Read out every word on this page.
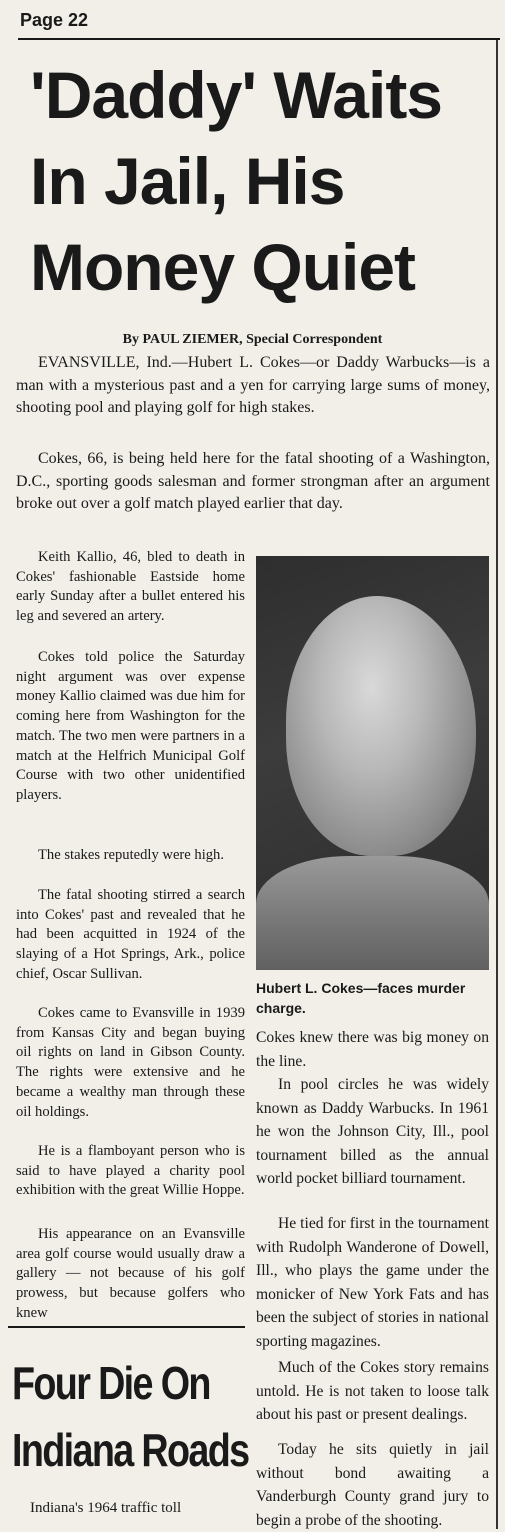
Page 22
'Daddy' Waits
In Jail, His
Money Quiet
By PAUL ZIEMER, Special Correspondent
EVANSVILLE, Ind.—Hubert L. Cokes—or Daddy Warbucks—is a man with a mysterious past and a yen for carrying large sums of money, shooting pool and playing golf for high stakes.
Cokes, 66, is being held here for the fatal shooting of a Washington, D.C., sporting goods salesman and former strongman after an argument broke out over a golf match played earlier that day.
Keith Kallio, 46, bled to death in Cokes' fashionable Eastside home early Sunday after a bullet entered his leg and severed an artery.
Cokes told police the Saturday night argument was over expense money Kallio claimed was due him for coming here from Washington for the match. The two men were partners in a match at the Helfrich Municipal Golf Course with two other unidentified players.
The stakes reputedly were high.
The fatal shooting stirred a search into Cokes' past and revealed that he had been acquitted in 1924 of the slaying of a Hot Springs, Ark., police chief, Oscar Sullivan.
Cokes came to Evansville in 1939 from Kansas City and began buying oil rights on land in Gibson County. The rights were extensive and he became a wealthy man through these oil holdings.
He is a flamboyant person who is said to have played a charity pool exhibition with the great Willie Hoppe.
His appearance on an Evansville area golf course would usually draw a gallery — not because of his golf prowess, but because golfers who knew
Hubert L. Cokes—faces murder charge.
Cokes knew there was big money on the line.
In pool circles he was widely known as Daddy Warbucks. In 1961 he won the Johnson City, Ill., pool tournament billed as the annual world pocket billiard tournament.
He tied for first in the tournament with Rudolph Wanderone of Dowell, Ill., who plays the game under the monicker of New York Fats and has been the subject of stories in national sporting magazines.
Much of the Cokes story remains untold. He is not taken to loose talk about his past or present dealings.
Today he sits quietly in jail without bond awaiting a Vanderburgh County grand jury to begin a probe of the shooting.
Four Die On
Indiana Roads
Indiana's 1964 traffic toll
